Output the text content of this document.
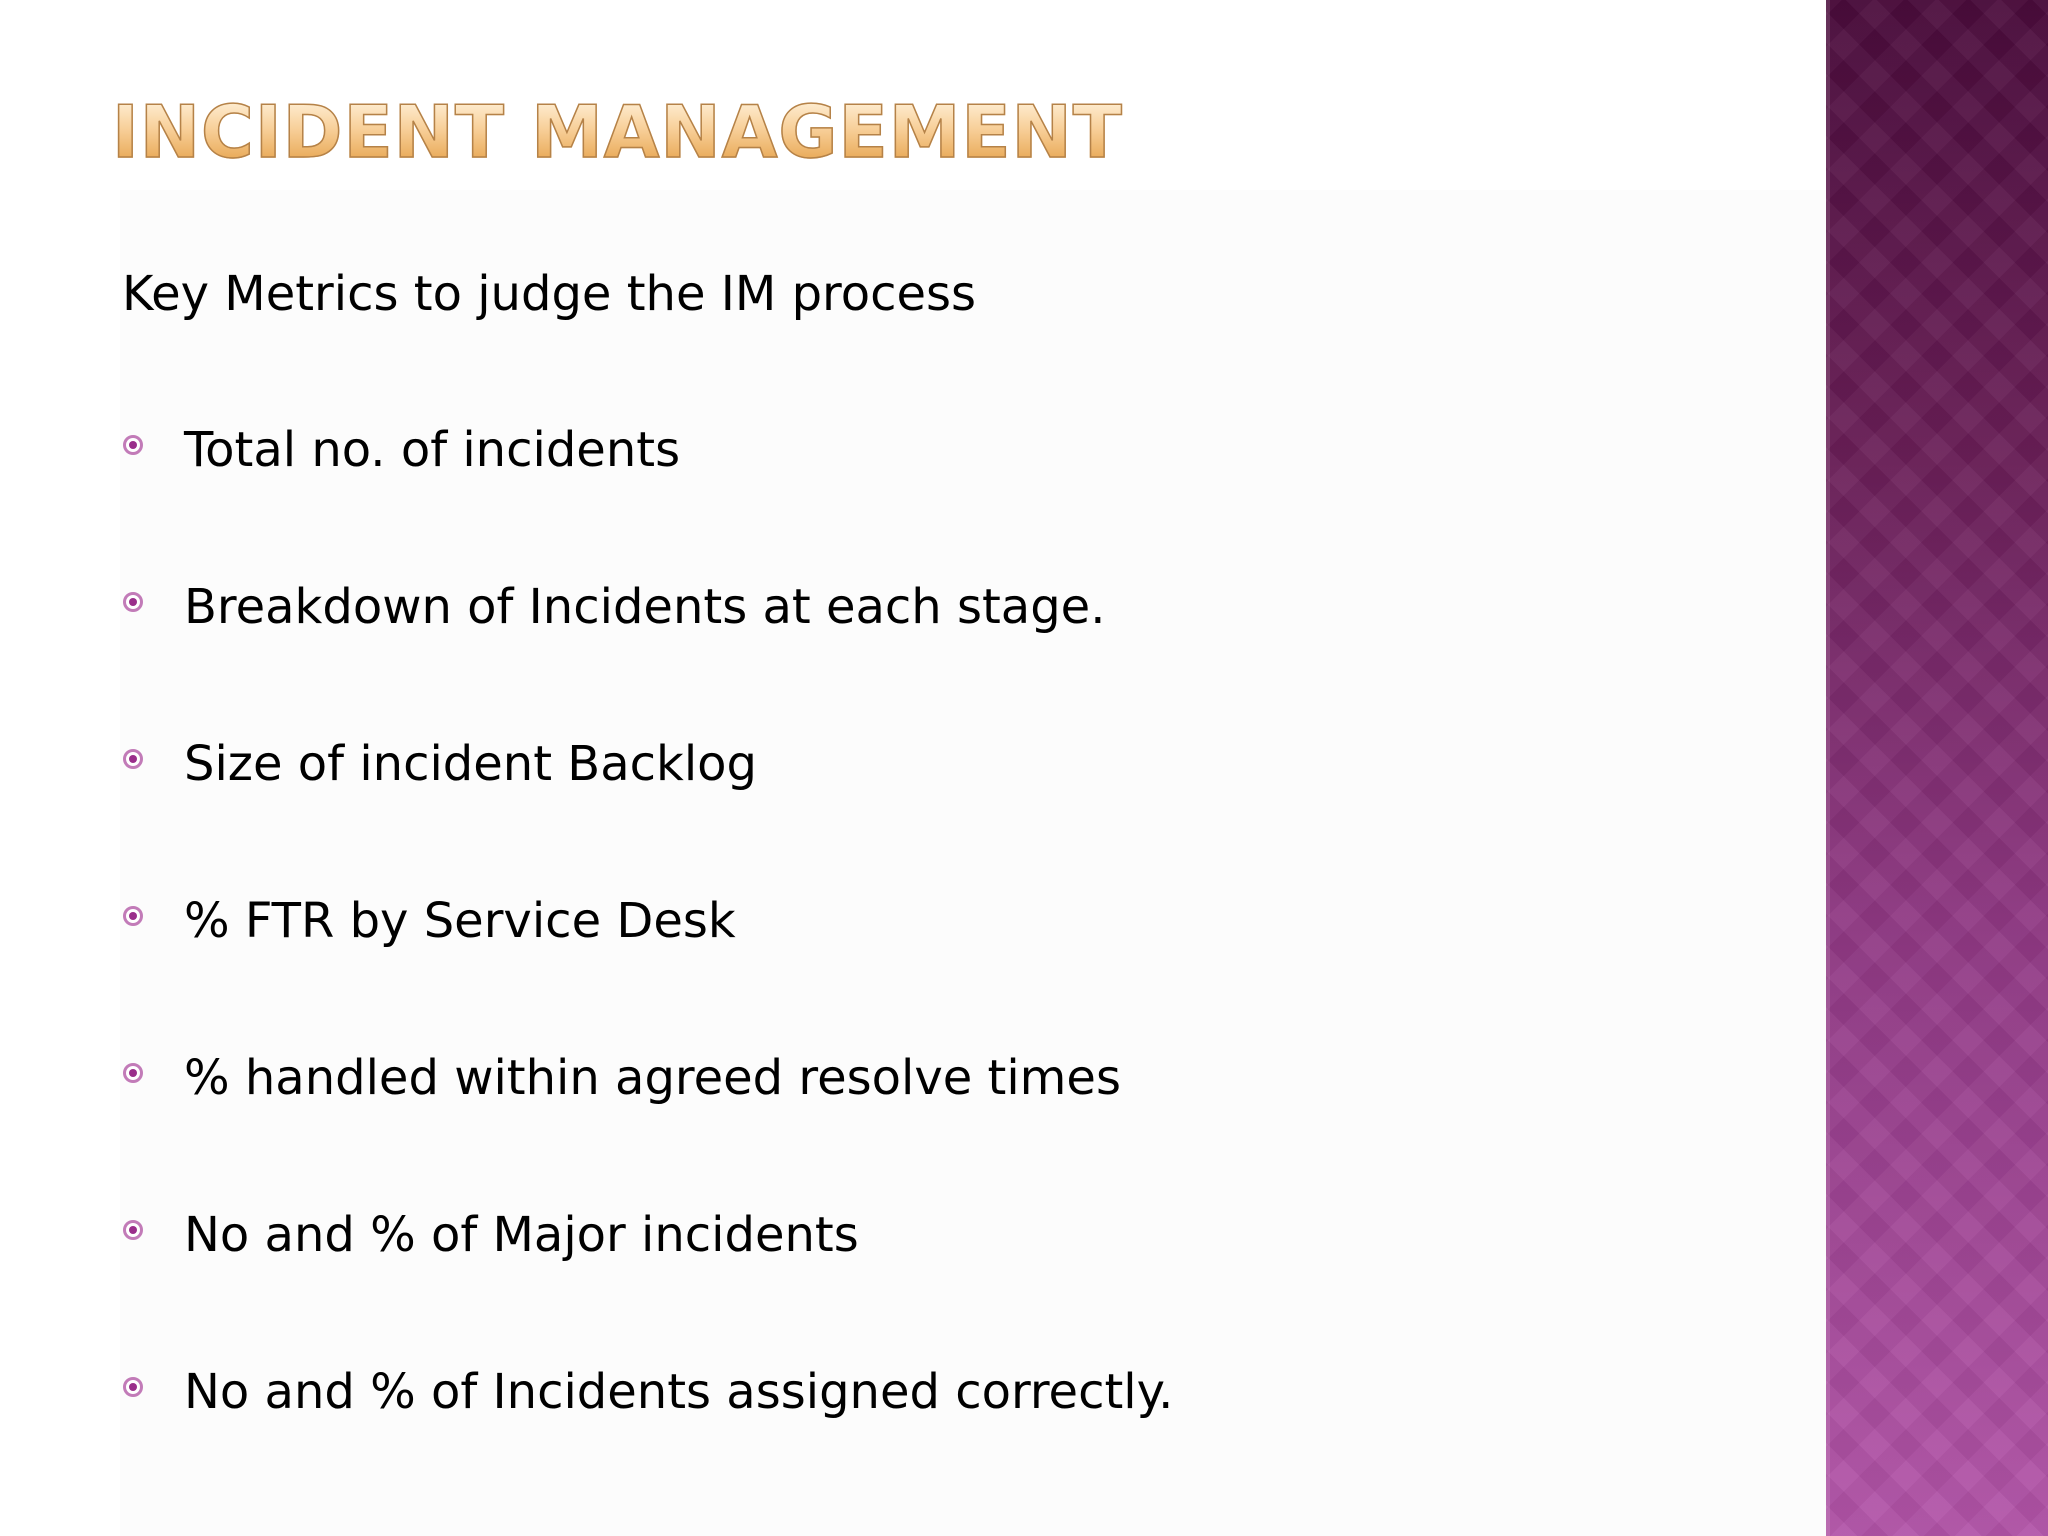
INCIDENT MANAGEMENT
Key Metrics to judge the IM process
Total no. of incidents
Breakdown of Incidents at each stage.
Size of incident Backlog
% FTR by Service Desk
% handled within agreed resolve times
No and % of Major incidents
No and % of Incidents assigned correctly.
